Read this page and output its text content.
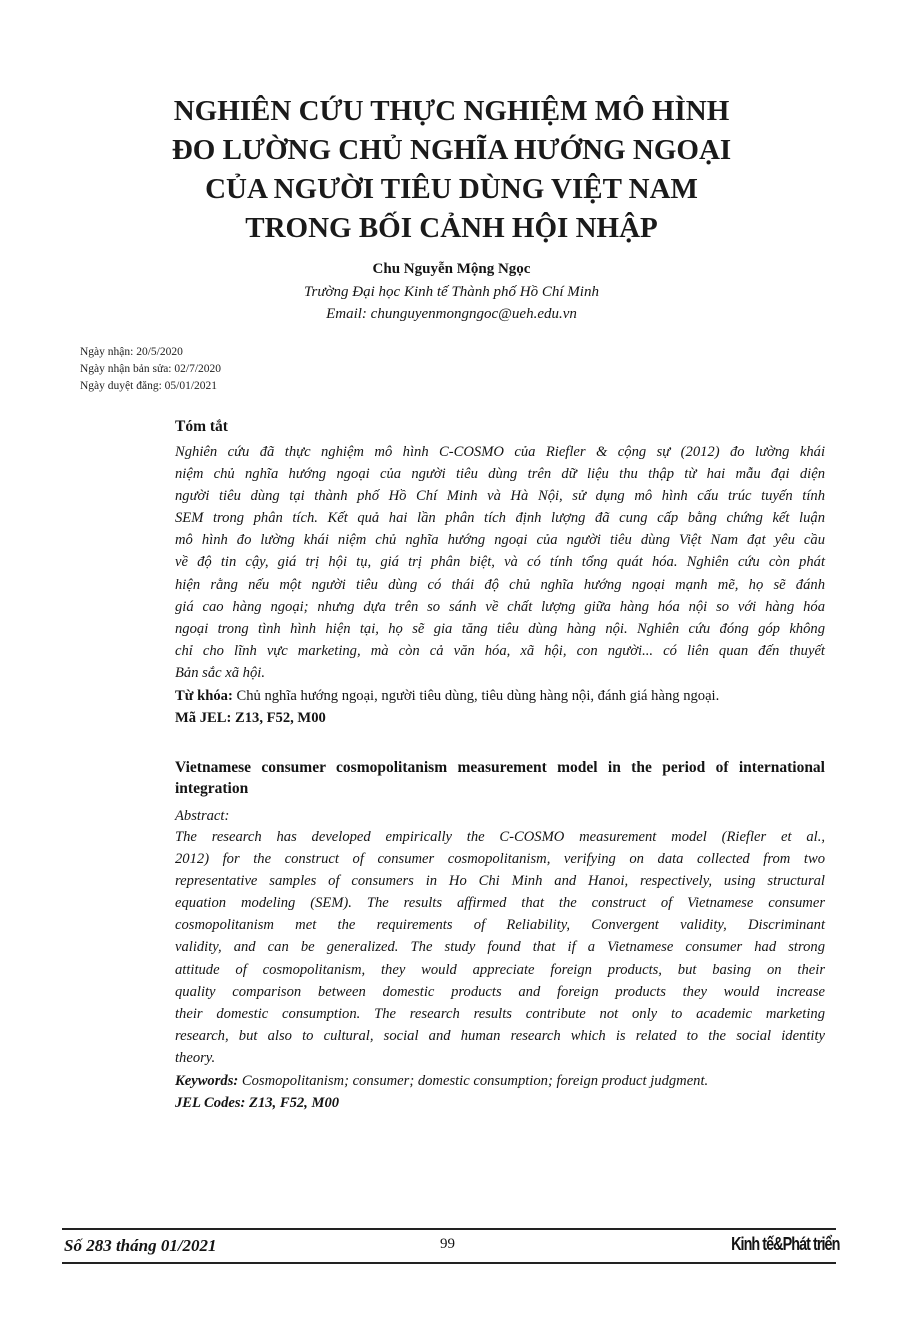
NGHIÊN CỨU THỰC NGHIỆM MÔ HÌNH
ĐO LƯỜNG CHỦ NGHĨA HƯỚNG NGOẠI
CỦA NGƯỜI TIÊU DÙNG VIỆT NAM
TRONG BỐI CẢNH HỘI NHẬP
Chu Nguyễn Mộng Ngọc
Trường Đại học Kinh tế Thành phố Hồ Chí Minh
Email: chunguyenmongngoc@ueh.edu.vn
Ngày nhận: 20/5/2020
Ngày nhận bản sửa: 02/7/2020
Ngày duyệt đăng: 05/01/2021
Tóm tắt
Nghiên cứu đã thực nghiệm mô hình C-COSMO của Riefler & cộng sự (2012) đo lường khái
niệm chủ nghĩa hướng ngoại của người tiêu dùng trên dữ liệu thu thập từ hai mẫu đại diện
người tiêu dùng tại thành phố Hồ Chí Minh và Hà Nội, sử dụng mô hình cấu trúc tuyến tính
SEM trong phân tích. Kết quả hai lần phân tích định lượng đã cung cấp bằng chứng kết luận
mô hình đo lường khái niệm chủ nghĩa hướng ngoại của người tiêu dùng Việt Nam đạt yêu cầu
về độ tin cậy, giá trị hội tụ, giá trị phân biệt, và có tính tổng quát hóa. Nghiên cứu còn phát
hiện rằng nếu một người tiêu dùng có thái độ chủ nghĩa hướng ngoại mạnh mẽ, họ sẽ đánh
giá cao hàng ngoại; nhưng dựa trên so sánh về chất lượng giữa hàng hóa nội so với hàng hóa
ngoại trong tình hình hiện tại, họ sẽ gia tăng tiêu dùng hàng nội. Nghiên cứu đóng góp không
chỉ cho lĩnh vực marketing, mà còn cả văn hóa, xã hội, con người... có liên quan đến thuyết
Bản sắc xã hội.
Từ khóa: Chủ nghĩa hướng ngoại, người tiêu dùng, tiêu dùng hàng nội, đánh giá hàng ngoại.
Mã JEL: Z13, F52, M00
Vietnamese consumer cosmopolitanism measurement model in the period of international integration
Abstract:
The research has developed empirically the C-COSMO measurement model (Riefler et al.,
2012) for the construct of consumer cosmopolitanism, verifying on data collected from two
representative samples of consumers in Ho Chi Minh and Hanoi, respectively, using structural
equation modeling (SEM). The results affirmed that the construct of Vietnamese consumer
cosmopolitanism met the requirements of Reliability, Convergent validity, Discriminant
validity, and can be generalized. The study found that if a Vietnamese consumer had strong
attitude of cosmopolitanism, they would appreciate foreign products, but basing on their
quality comparison between domestic products and foreign products they would increase
their domestic consumption. The research results contribute not only to academic marketing
research, but also to cultural, social and human research which is related to the social identity
theory.
Keywords: Cosmopolitanism; consumer; domestic consumption; foreign product judgment.
JEL Codes: Z13, F52, M00
Số 283 tháng 01/2021	99	Kinh tế&Phát triển
